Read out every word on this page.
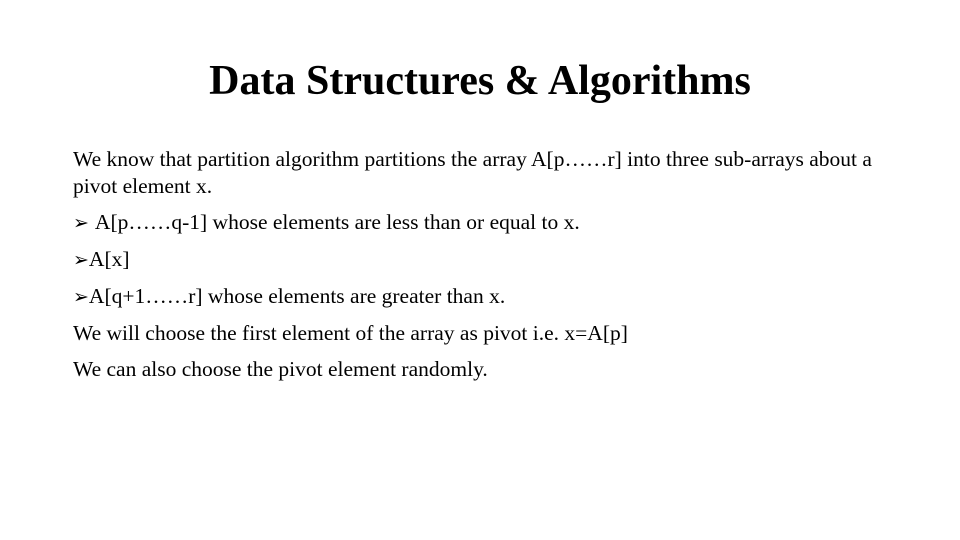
Data Structures & Algorithms

We know that partition algorithm partitions the array A[p……r] into three sub-arrays about a pivot element x.

➢ A[p……q-1] whose elements are less than or equal to x.

➢A[x]

➢A[q+1……r] whose elements are greater than x.

We will choose the first element of the array as pivot i.e. x=A[p]

We can also choose the pivot element randomly.
